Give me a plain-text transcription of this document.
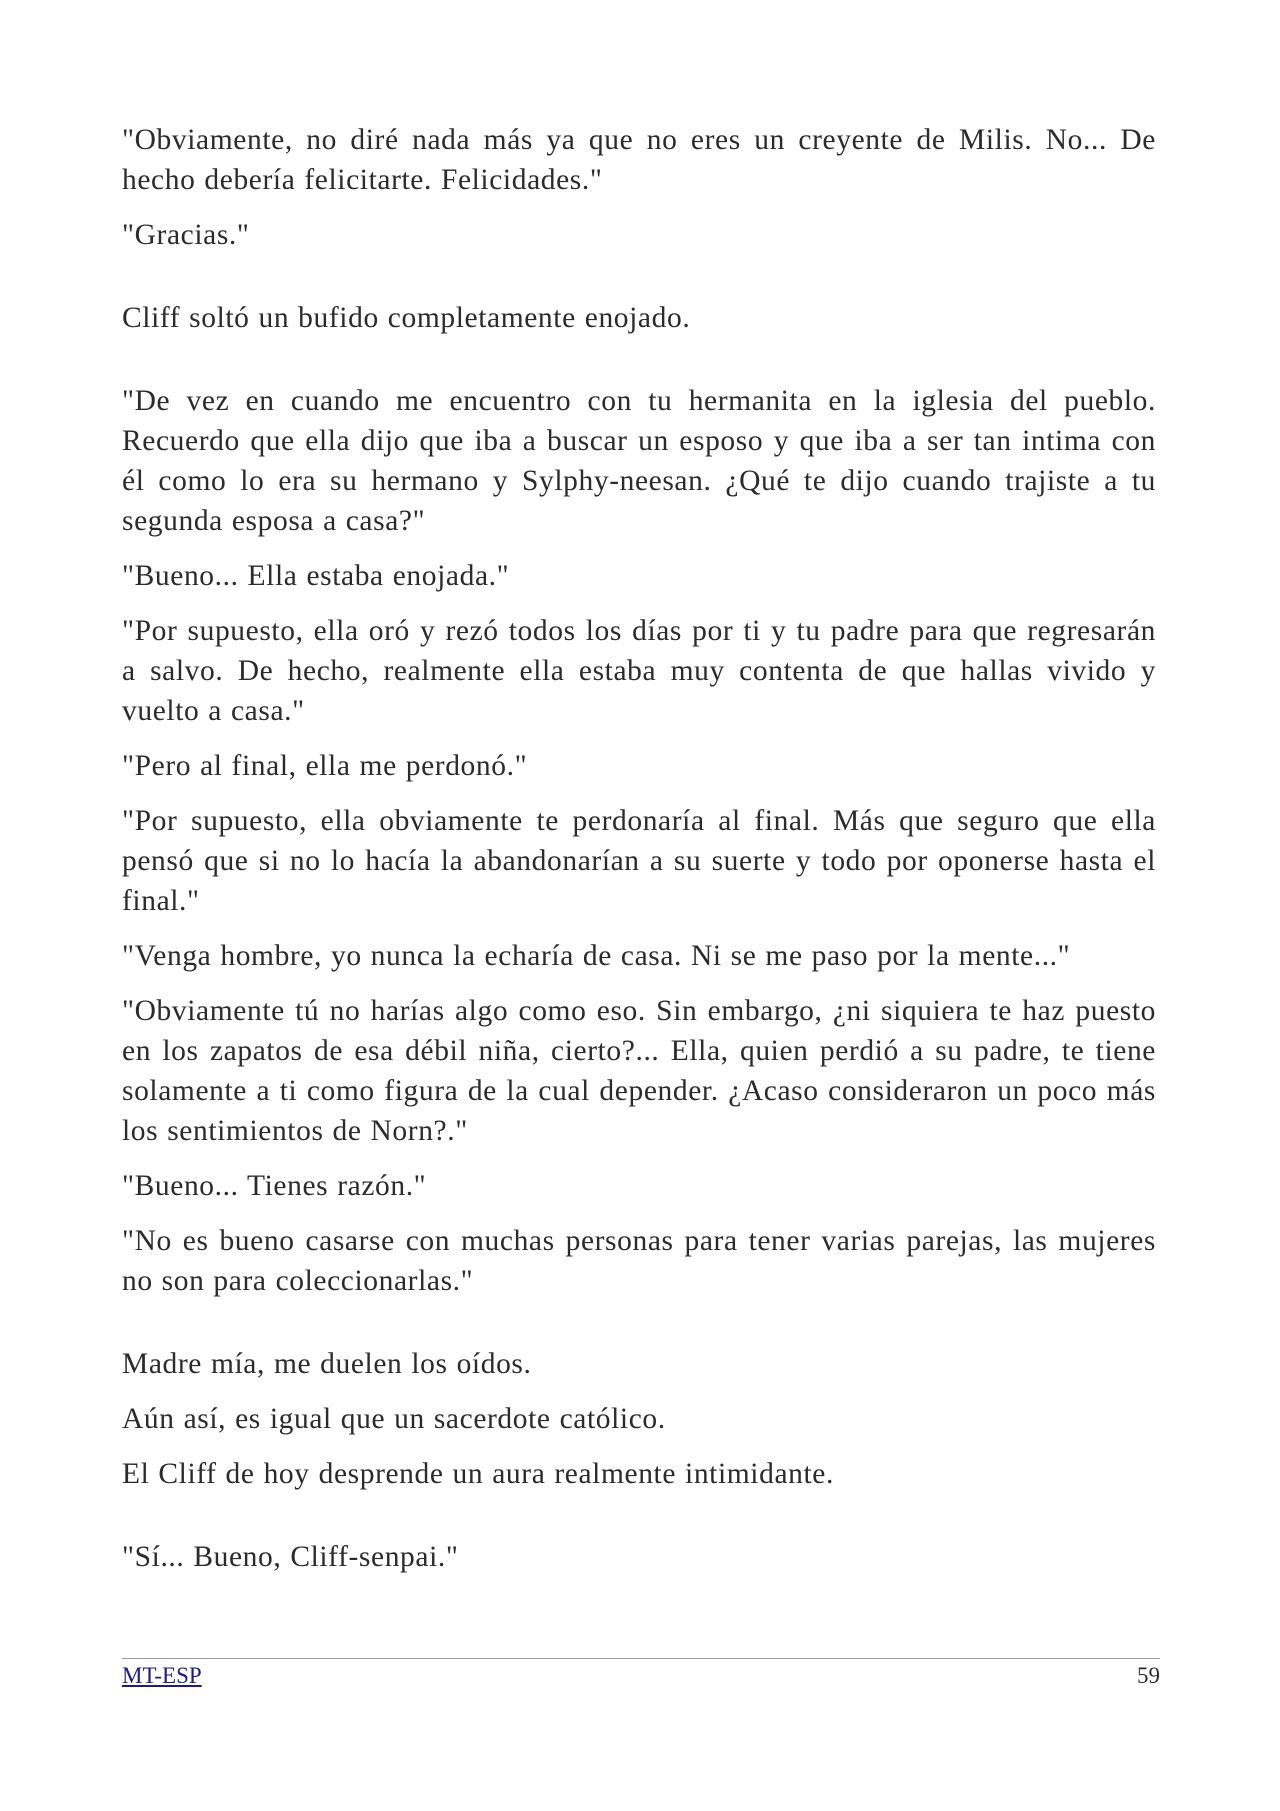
"Obviamente, no diré nada más ya que no eres un creyente de Milis. No... De hecho debería felicitarte. Felicidades."

"Gracias."

Cliff soltó un bufido completamente enojado.

"De vez en cuando me encuentro con tu hermanita en la iglesia del pueblo. Recuerdo que ella dijo que iba a buscar un esposo y que iba a ser tan intima con él como lo era su hermano y Sylphy-neesan. ¿Qué te dijo cuando trajiste a tu segunda esposa a casa?"

"Bueno... Ella estaba enojada."

"Por supuesto, ella oró y rezó todos los días por ti y tu padre para que regresarán a salvo. De hecho, realmente ella estaba muy contenta de que hallas vivido y vuelto a casa."

"Pero al final, ella me perdonó."

"Por supuesto, ella obviamente te perdonaría al final. Más que seguro que ella pensó que si no lo hacía la abandonarían a su suerte y todo por oponerse hasta el final."

"Venga hombre, yo nunca la echaría de casa. Ni se me paso por la mente..."

"Obviamente tú no harías algo como eso. Sin embargo, ¿ni siquiera te haz puesto en los zapatos de esa débil niña, cierto?... Ella, quien perdió a su padre, te tiene solamente a ti como figura de la cual depender. ¿Acaso consideraron un poco más los sentimientos de Norn?."

"Bueno... Tienes razón."

"No es bueno casarse con muchas personas para tener varias parejas, las mujeres no son para coleccionarlas."

Madre mía, me duelen los oídos.

Aún así, es igual que un sacerdote católico.

El Cliff de hoy desprende un aura realmente intimidante.

"Sí... Bueno, Cliff-senpai."

MT-ESP	59
